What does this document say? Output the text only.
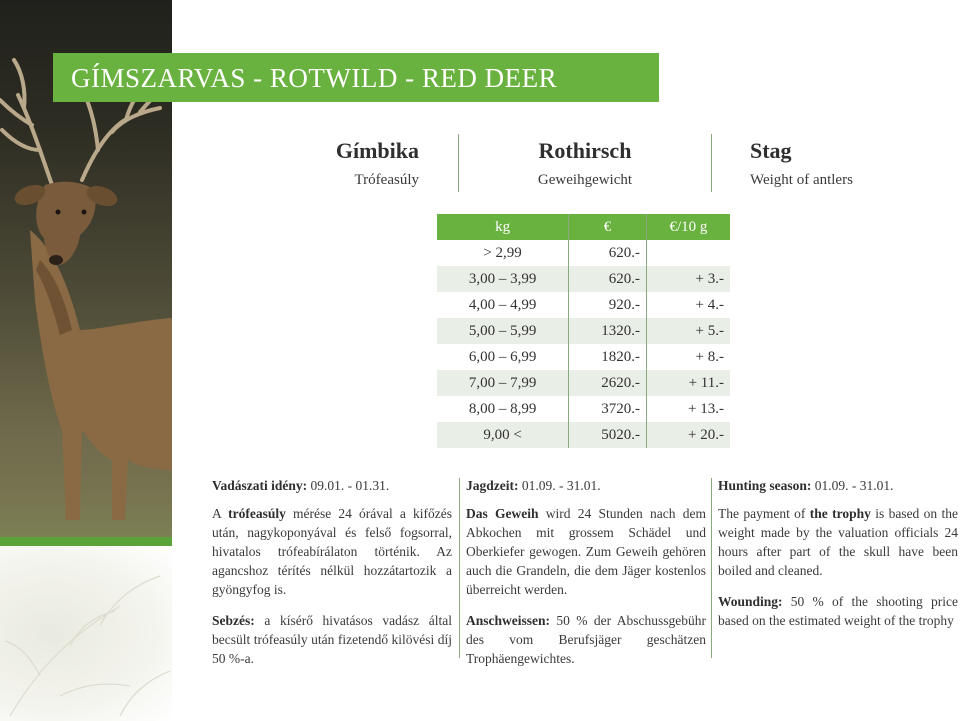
GÍMSZARVAS - ROTWILD - RED DEER
Gímbika
Trófeasúly
Rothirsch
Geweihgewicht
Stag
Weight of antlers
kg	€	€/10 g
> 2,99	620.-	
3,00 – 3,99	620.-	+ 3.-
4,00 – 4,99	920.-	+ 4.-
5,00 – 5,99	1320.-	+ 5.-
6,00 – 6,99	1820.-	+ 8.-
7,00 – 7,99	2620.-	+ 11.-
8,00 – 8,99	3720.-	+ 13.-
9,00 <	5020.-	+ 20.-

Vadászati idény: 09.01. - 01.31.

A trófeasúly mérése 24 órával a kifőzés után, nagykoponyával és felső fogsorral, hivatalos trófeabírálaton történik. Az agancshoz térítés nélkül hozzátartozik a gyöngyfog is.

Sebzés: a kísérő hivatásos vadász által becsült trófeasúly után fizetendő kilövési díj 50 %-a.

Jagdzeit: 01.09. - 31.01.

Das Geweih wird 24 Stunden nach dem Abkochen mit grossem Schädel und Oberkiefer gewogen. Zum Geweih gehören auch die Grandeln, die dem Jäger kostenlos überreicht werden.

Anschweissen: 50 % der Abschussgebühr des vom Berufsjäger geschätzen Trophäengewichtes.

Hunting season: 01.09. - 31.01.

The payment of the trophy is based on the weight made by the valuation officials 24 hours after part of the skull have been boiled and cleaned.

Wounding: 50 % of the shooting price based on the estimated weight of the trophy
